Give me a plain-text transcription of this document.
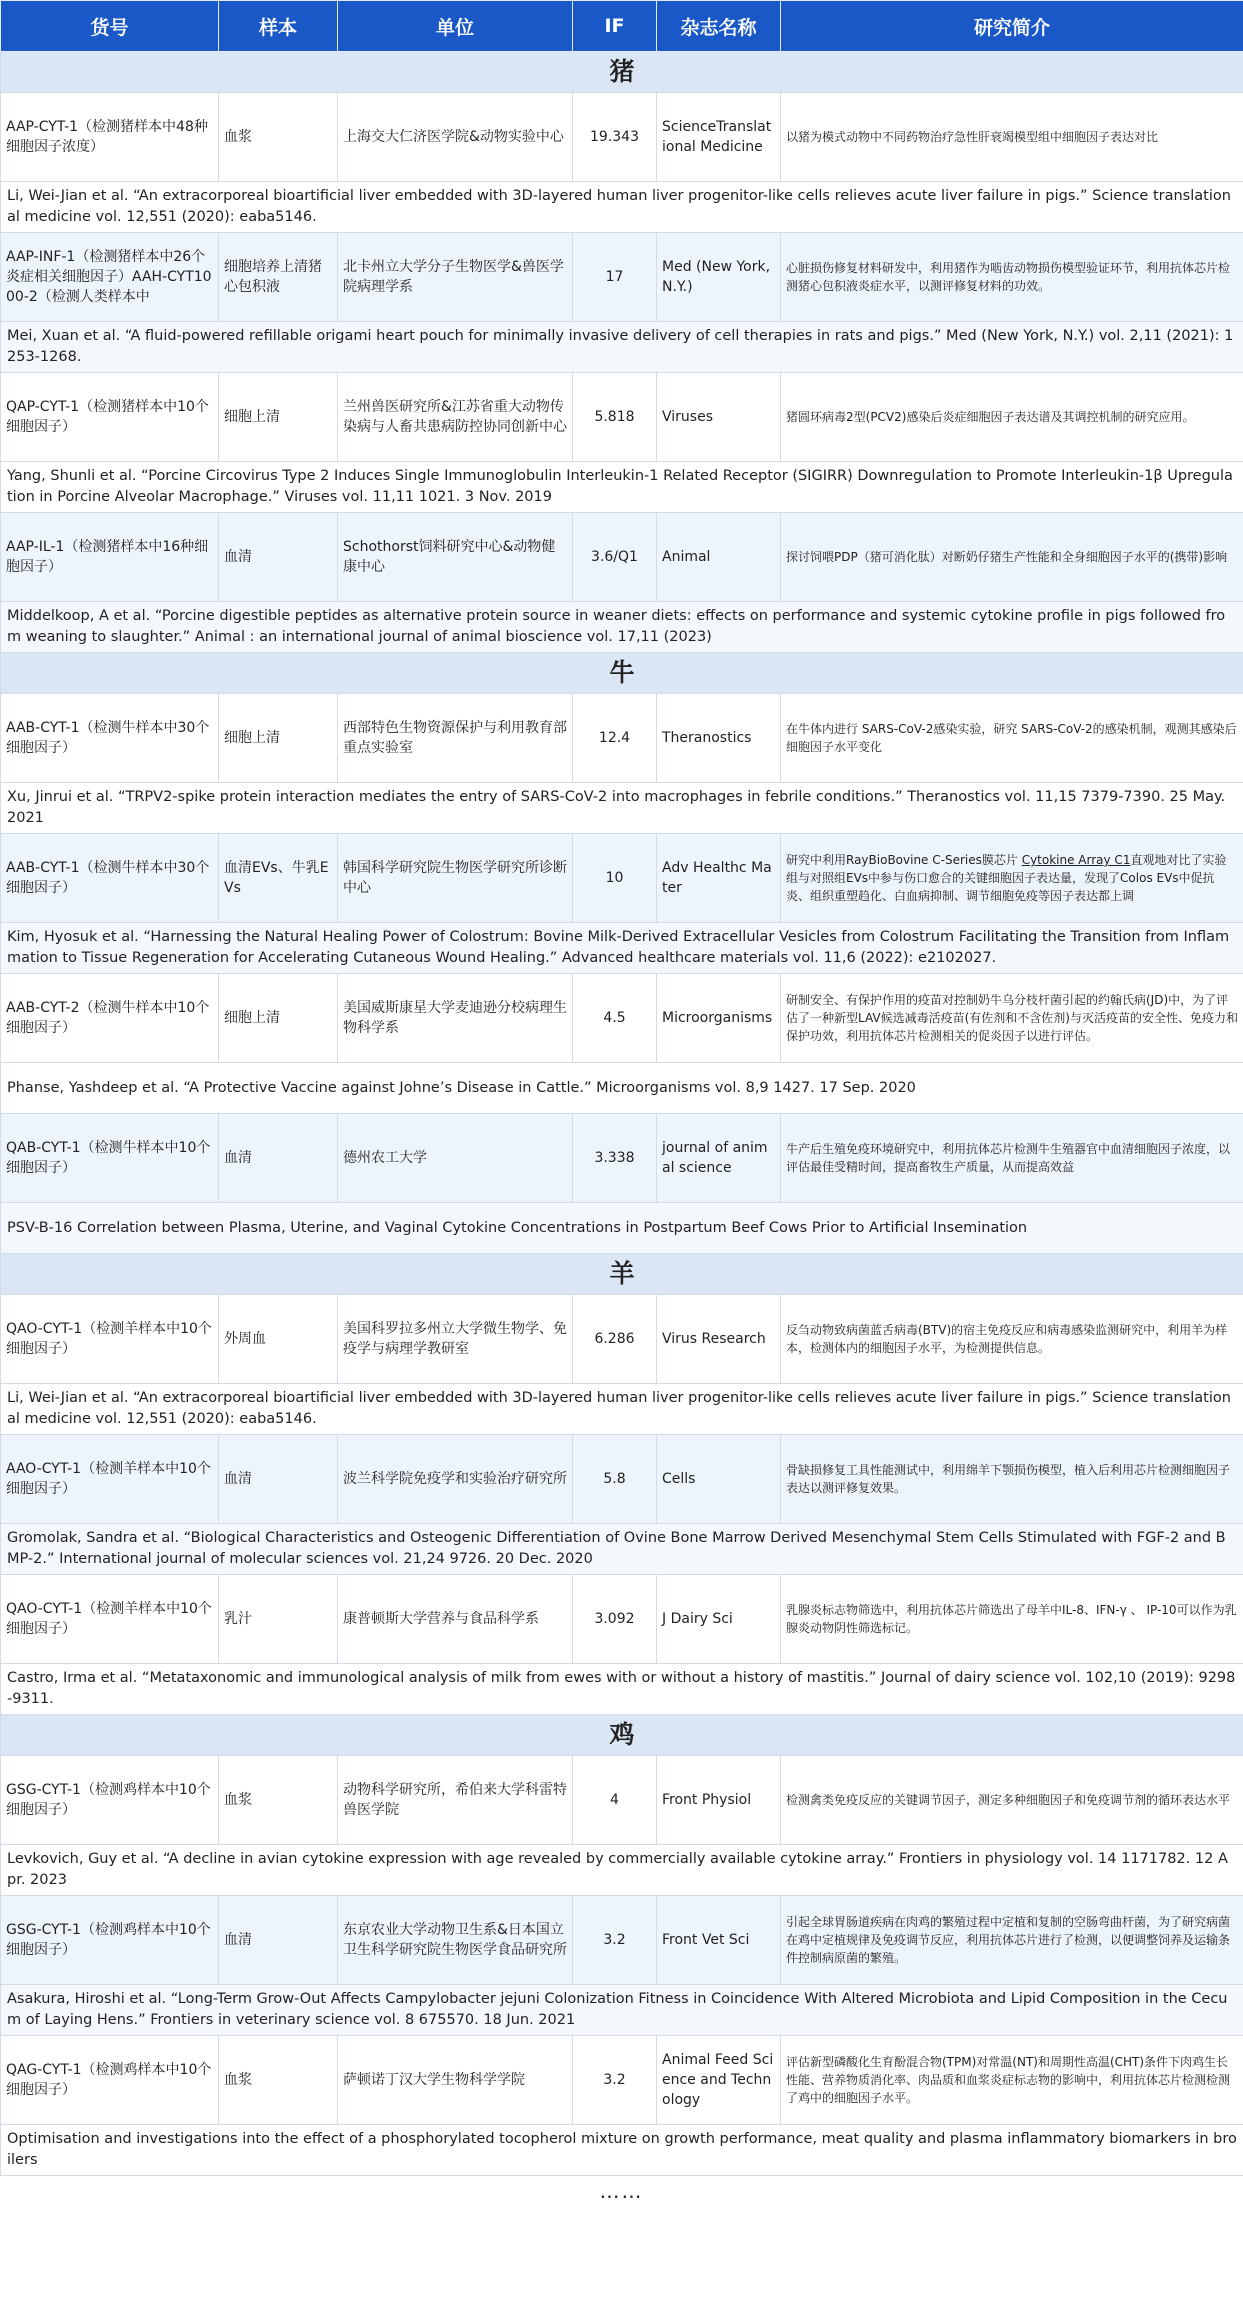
货号	样本	单位	IF	杂志名称	研究简介
猪					
AAP-CYT-1（检测猪样本中48种细胞因子浓度）	血浆	上海交大仁济医学院&动物实验中心	19.343	ScienceTranslational Medicine	以猪为模式动物中不同药物治疗急性肝衰竭模型组中细胞因子表达对比
Li, Wei-Jian et al. “An extracorporeal bioartificial liver embedded with 3D-layered human liver progenitor-like cells relieves acute liver failure in pigs.” Science translational medicine vol. 12,551 (2020): eaba5146.					
AAP-INF-1（检测猪样本中26个炎症相关细胞因子）AAH-CYT1000-2（检测人类样本中	细胞培养上清猪心包积液	北卡州立大学分子生物医学&兽医学院病理学系	17	Med (New York, N.Y.)	心脏损伤修复材料研发中，利用猪作为啮齿动物损伤模型验证环节，利用抗体芯片检测猪心包积液炎症水平，以测评修复材料的功效。
Mei, Xuan et al. “A fluid-powered refillable origami heart pouch for minimally invasive delivery of cell therapies in rats and pigs.” Med (New York, N.Y.) vol. 2,11 (2021): 1253-1268.					
QAP-CYT-1（检测猪样本中10个细胞因子）	细胞上清	兰州兽医研究所&江苏省重大动物传染病与人畜共患病防控协同创新中心	5.818	Viruses	猪圆环病毒2型(PCV2)感染后炎症细胞因子表达谱及其调控机制的研究应用。
Yang, Shunli et al. “Porcine Circovirus Type 2 Induces Single Immunoglobulin Interleukin-1 Related Receptor (SIGIRR) Downregulation to Promote Interleukin-1β Upregulation in Porcine Alveolar Macrophage.” Viruses vol. 11,11 1021. 3 Nov. 2019					
AAP-IL-1（检测猪样本中16种细胞因子）	血清	Schothorst饲料研究中心&动物健康中心	3.6/Q1	Animal	探讨饲喂PDP（猪可消化肽）对断奶仔猪生产性能和全身细胞因子水平的(携带)影响
Middelkoop, A et al. “Porcine digestible peptides as alternative protein source in weaner diets: effects on performance and systemic cytokine profile in pigs followed from weaning to slaughter.” Animal : an international journal of animal bioscience vol. 17,11 (2023)					
牛					
AAB-CYT-1（检测牛样本中30个细胞因子）	细胞上清	西部特色生物资源保护与利用教育部重点实验室	12.4	Theranostics	在牛体内进行 SARS-CoV-2感染实验，研究 SARS-CoV-2的感染机制，观测其感染后细胞因子水平变化
Xu, Jinrui et al. “TRPV2-spike protein interaction mediates the entry of SARS-CoV-2 into macrophages in febrile conditions.” Theranostics vol. 11,15 7379-7390. 25 May. 2021					
AAB-CYT-1（检测牛样本中30个细胞因子）	血清EVs、牛乳EVs	韩国科学研究院生物医学研究所诊断中心	10	Adv Healthc Mater	研究中利用RayBioBovine C-Series膜芯片 Cytokine Array C1直观地对比了实验组与对照组EVs中参与伤口愈合的关键细胞因子表达量，发现了Colos EVs中促抗炎、组织重塑趋化、白血病抑制、调节细胞免疫等因子表达都上调
Kim, Hyosuk et al. “Harnessing the Natural Healing Power of Colostrum: Bovine Milk-Derived Extracellular Vesicles from Colostrum Facilitating the Transition from Inflammation to Tissue Regeneration for Accelerating Cutaneous Wound Healing.” Advanced healthcare materials vol. 11,6 (2022): e2102027.					
AAB-CYT-2（检测牛样本中10个细胞因子）	细胞上清	美国威斯康星大学麦迪逊分校病理生物科学系	4.5	Microorganisms	研制安全、有保护作用的疫苗对控制奶牛乌分枝杆菌引起的约翰氏病(JD)中，为了评估了一种新型LAV候选减毒活疫苗(有佐剂和不含佐剂)与灭活疫苗的安全性、免疫力和保护功效，利用抗体芯片检测相关的促炎因子以进行评估。
Phanse, Yashdeep et al. “A Protective Vaccine against Johne’s Disease in Cattle.” Microorganisms vol. 8,9 1427. 17 Sep. 2020					
QAB-CYT-1（检测牛样本中10个细胞因子）	血清	德州农工大学	3.338	journal of animal science	牛产后生殖免疫环境研究中，利用抗体芯片检测牛生殖器官中血清细胞因子浓度，以评估最佳受精时间，提高畜牧生产质量，从而提高效益
PSV-B-16 Correlation between Plasma, Uterine, and Vaginal Cytokine Concentrations in Postpartum Beef Cows Prior to Artificial Insemination					
羊					
QAO-CYT-1（检测羊样本中10个细胞因子）	外周血	美国科罗拉多州立大学微生物学、免疫学与病理学教研室	6.286	Virus Research	反刍动物致病菌蓝舌病毒(BTV)的宿主免疫反应和病毒感染监测研究中，利用羊为样本，检测体内的细胞因子水平，为检测提供信息。
Li, Wei-Jian et al. “An extracorporeal bioartificial liver embedded with 3D-layered human liver progenitor-like cells relieves acute liver failure in pigs.” Science translational medicine vol. 12,551 (2020): eaba5146.					
AAO-CYT-1（检测羊样本中10个细胞因子）	血清	波兰科学院免疫学和实验治疗研究所	5.8	Cells	骨缺损修复工具性能测试中，利用绵羊下颚损伤模型，植入后利用芯片检测细胞因子表达以测评修复效果。
Gromolak, Sandra et al. “Biological Characteristics and Osteogenic Differentiation of Ovine Bone Marrow Derived Mesenchymal Stem Cells Stimulated with FGF-2 and BMP-2.” International journal of molecular sciences vol. 21,24 9726. 20 Dec. 2020					
QAO-CYT-1（检测羊样本中10个细胞因子）	乳汁	康普顿斯大学营养与食品科学系	3.092	J Dairy Sci	乳腺炎标志物筛选中，利用抗体芯片筛选出了母羊中IL-8、IFN-γ 、 IP-10可以作为乳腺炎动物阴性筛选标记。
Castro, Irma et al. “Metataxonomic and immunological analysis of milk from ewes with or without a history of mastitis.” Journal of dairy science vol. 102,10 (2019): 9298-9311.					
鸡					
GSG-CYT-1（检测鸡样本中10个细胞因子）	血浆	动物科学研究所，希伯来大学科雷特兽医学院	4	Front Physiol	检测禽类免疫反应的关键调节因子，测定多种细胞因子和免疫调节剂的循环表达水平
Levkovich, Guy et al. “A decline in avian cytokine expression with age revealed by commercially available cytokine array.” Frontiers in physiology vol. 14 1171782. 12 Apr. 2023					
GSG-CYT-1（检测鸡样本中10个细胞因子）	血清	东京农业大学动物卫生系&日本国立卫生科学研究院生物医学食品研究所	3.2	Front Vet Sci	引起全球胃肠道疾病在肉鸡的繁殖过程中定植和复制的空肠弯曲杆菌，为了研究病菌在鸡中定植规律及免疫调节反应，利用抗体芯片进行了检测，以便调整饲养及运输条件控制病原菌的繁殖。
Asakura, Hiroshi et al. “Long-Term Grow-Out Affects Campylobacter jejuni Colonization Fitness in Coincidence With Altered Microbiota and Lipid Composition in the Cecum of Laying Hens.” Frontiers in veterinary science vol. 8 675570. 18 Jun. 2021					
QAG-CYT-1（检测鸡样本中10个细胞因子）	血浆	萨顿诺丁汉大学生物科学学院	3.2	Animal Feed Science and Technology	评估新型磷酸化生育酚混合物(TPM)对常温(NT)和周期性高温(CHT)条件下肉鸡生长性能、营养物质消化率、肉品质和血浆炎症标志物的影响中，利用抗体芯片检测检测了鸡中的细胞因子水平。
Optimisation and investigations into the effect of a phosphorylated tocopherol mixture on growth performance, meat quality and plasma inflammatory biomarkers in broilers					
……
